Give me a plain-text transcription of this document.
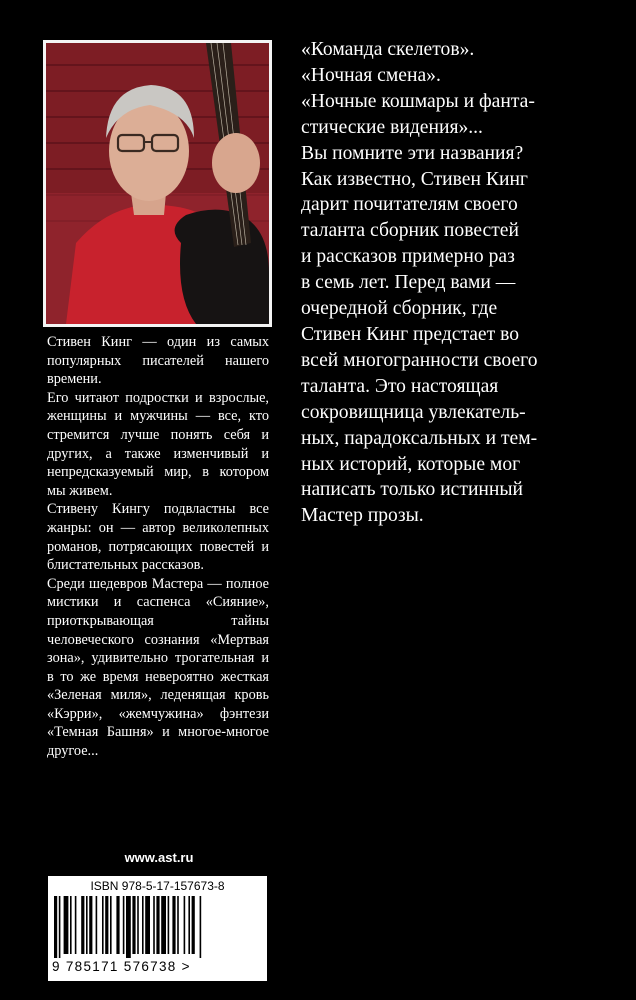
Стивен Кинг — один из самых популярных писателей нашего времени.

Его читают подростки и взрослые, женщины и мужчины — все, кто стремится лучше понять себя и других, а также изменчивый и непредсказуемый мир, в котором мы живем.

Стивену Кингу подвластны все жанры: он — автор великолепных романов, потрясающих повестей и блистательных рассказов.

Среди шедевров Мастера — полное мистики и саспенса «Сияние», приоткрывающая тайны человеческого сознания «Мертвая зона», удивительно трогательная и в то же время невероятно жесткая «Зеленая миля», леденящая кровь «Кэрри», «жемчужина» фэнтези «Темная Башня» и многое-многое другое...

«Команда скелетов».

«Ночная смена».

«Ночные кошмары и фанта-

стические видения»...

Вы помните эти названия?

Как известно, Стивен Кинг

дарит почитателям своего

таланта сборник повестей

и рассказов примерно раз

в семь лет. Перед вами —

очередной сборник, где

Стивен Кинг предстает во

всей многогранности своего

таланта. Это настоящая

сокровищница увлекатель-

ных, парадоксальных и тем-

ных историй, которые мог

написать только истинный

Мастер прозы.

www.ast.ru
ISBN 978-5-17-157673-8
9 785171 576738 >
